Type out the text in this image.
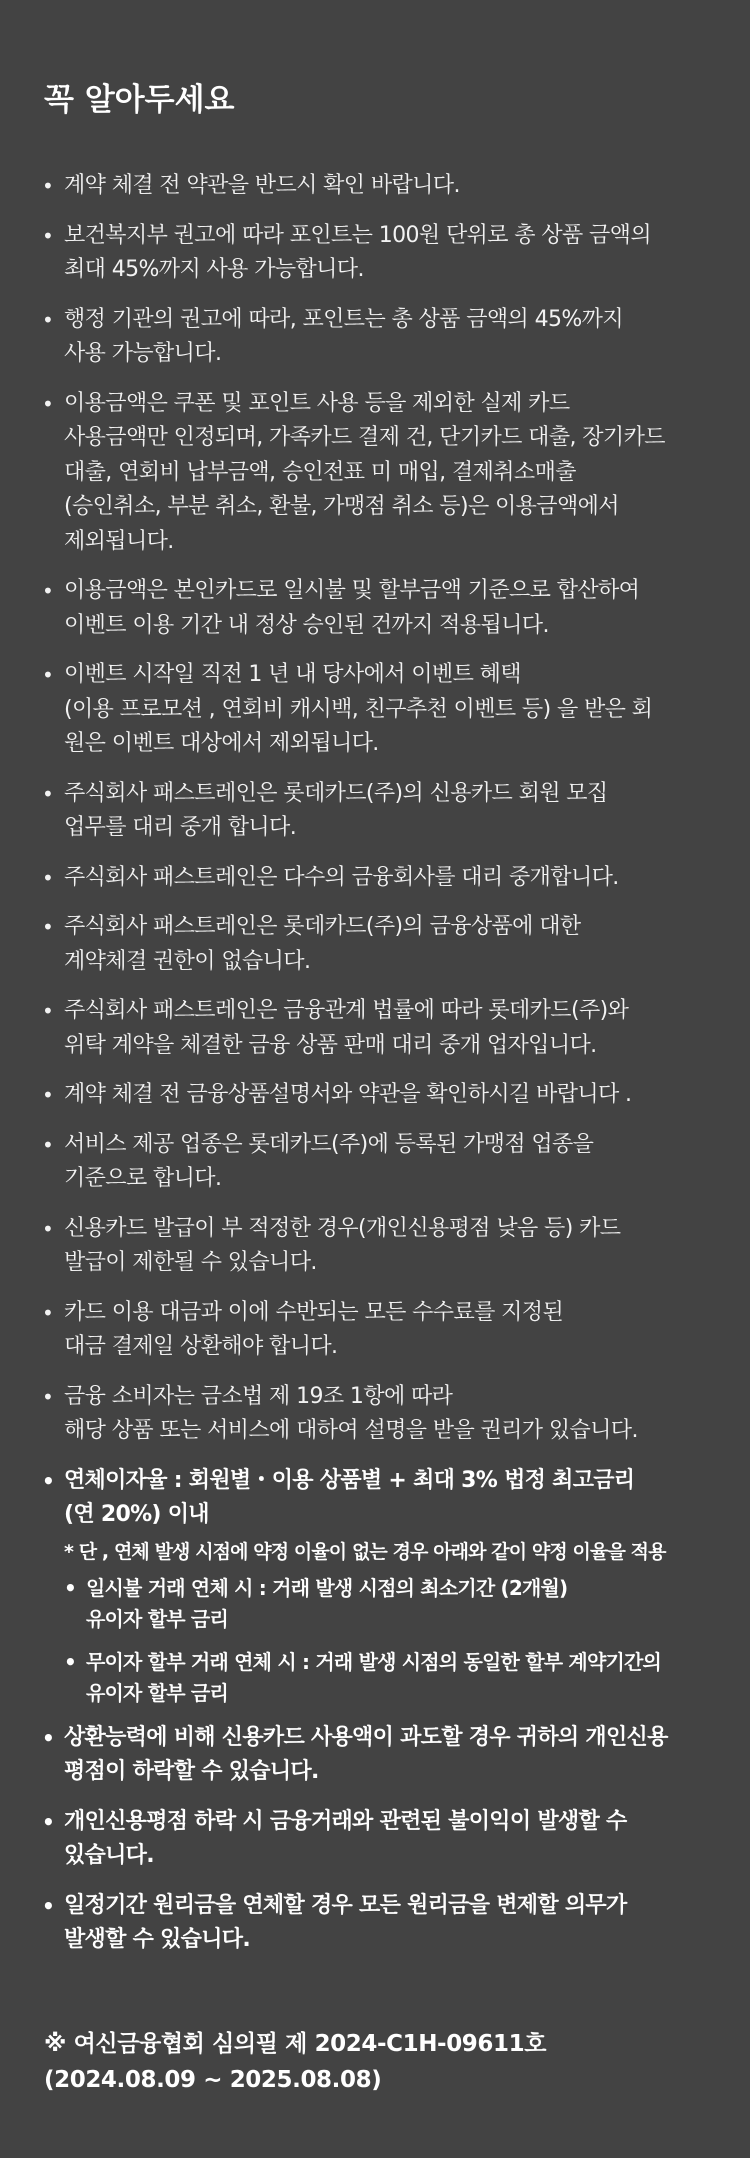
꼭 알아두세요
• 계약 체결 전 약관을 반드시 확인 바랍니다.
• 보건복지부 권고에 따라 포인트는 100원 단위로 총 상품 금액의
최대 45%까지 사용 가능합니다.
• 행정 기관의 권고에 따라, 포인트는 총 상품 금액의 45%까지
사용 가능합니다.
• 이용금액은 쿠폰 및 포인트 사용 등을 제외한 실제 카드
사용금액만 인정되며, 가족카드 결제 건, 단기카드 대출, 장기카드
대출, 연회비 납부금액, 승인전표 미 매입, 결제취소매출
(승인취소, 부분 취소, 환불, 가맹점 취소 등)은 이용금액에서
제외됩니다.
• 이용금액은 본인카드로 일시불 및 할부금액 기준으로 합산하여
이벤트 이용 기간 내 정상 승인된 건까지 적용됩니다.
• 이벤트 시작일 직전 1 년 내 당사에서 이벤트 혜택
(이용 프로모션 , 연회비 캐시백, 친구추천 이벤트 등) 을 받은 회
원은 이벤트 대상에서 제외됩니다.
• 주식회사 패스트레인은 롯데카드(주)의 신용카드 회원 모집
업무를 대리 중개 합니다.
• 주식회사 패스트레인은 다수의 금융회사를 대리 중개합니다.
• 주식회사 패스트레인은 롯데카드(주)의 금융상품에 대한
계약체결 권한이 없습니다.
• 주식회사 패스트레인은 금융관계 법률에 따라 롯데카드(주)와
위탁 계약을 체결한 금융 상품 판매 대리 중개 업자입니다.
• 계약 체결 전 금융상품설명서와 약관을 확인하시길 바랍니다 .
• 서비스 제공 업종은 롯데카드(주)에 등록된 가맹점 업종을
기준으로 합니다.
• 신용카드 발급이 부 적정한 경우(개인신용평점 낮음 등) 카드
발급이 제한될 수 있습니다.
• 카드 이용 대금과 이에 수반되는 모든 수수료를 지정된
대금 결제일 상환해야 합니다.
• 금융 소비자는 금소법 제 19조 1항에 따라
해당 상품 또는 서비스에 대하여 설명을 받을 권리가 있습니다.
• 연체이자율 : 회원별・이용 상품별 + 최대 3% 법정 최고금리
(연 20%) 이내
* 단 , 연체 발생 시점에 약정 이율이 없는 경우 아래와 같이 약정 이율을 적용
• 일시불 거래 연체 시 : 거래 발생 시점의 최소기간 (2개월)
유이자 할부 금리
• 무이자 할부 거래 연체 시 : 거래 발생 시점의 동일한 할부 계약기간의
유이자 할부 금리
• 상환능력에 비해 신용카드 사용액이 과도할 경우 귀하의 개인신용
평점이 하락할 수 있습니다.
• 개인신용평점 하락 시 금융거래와 관련된 불이익이 발생할 수
있습니다.
• 일정기간 원리금을 연체할 경우 모든 원리금을 변제할 의무가
발생할 수 있습니다.
※ 여신금융협회 심의필 제 2024-C1H-09611호
(2024.08.09 ~ 2025.08.08)
